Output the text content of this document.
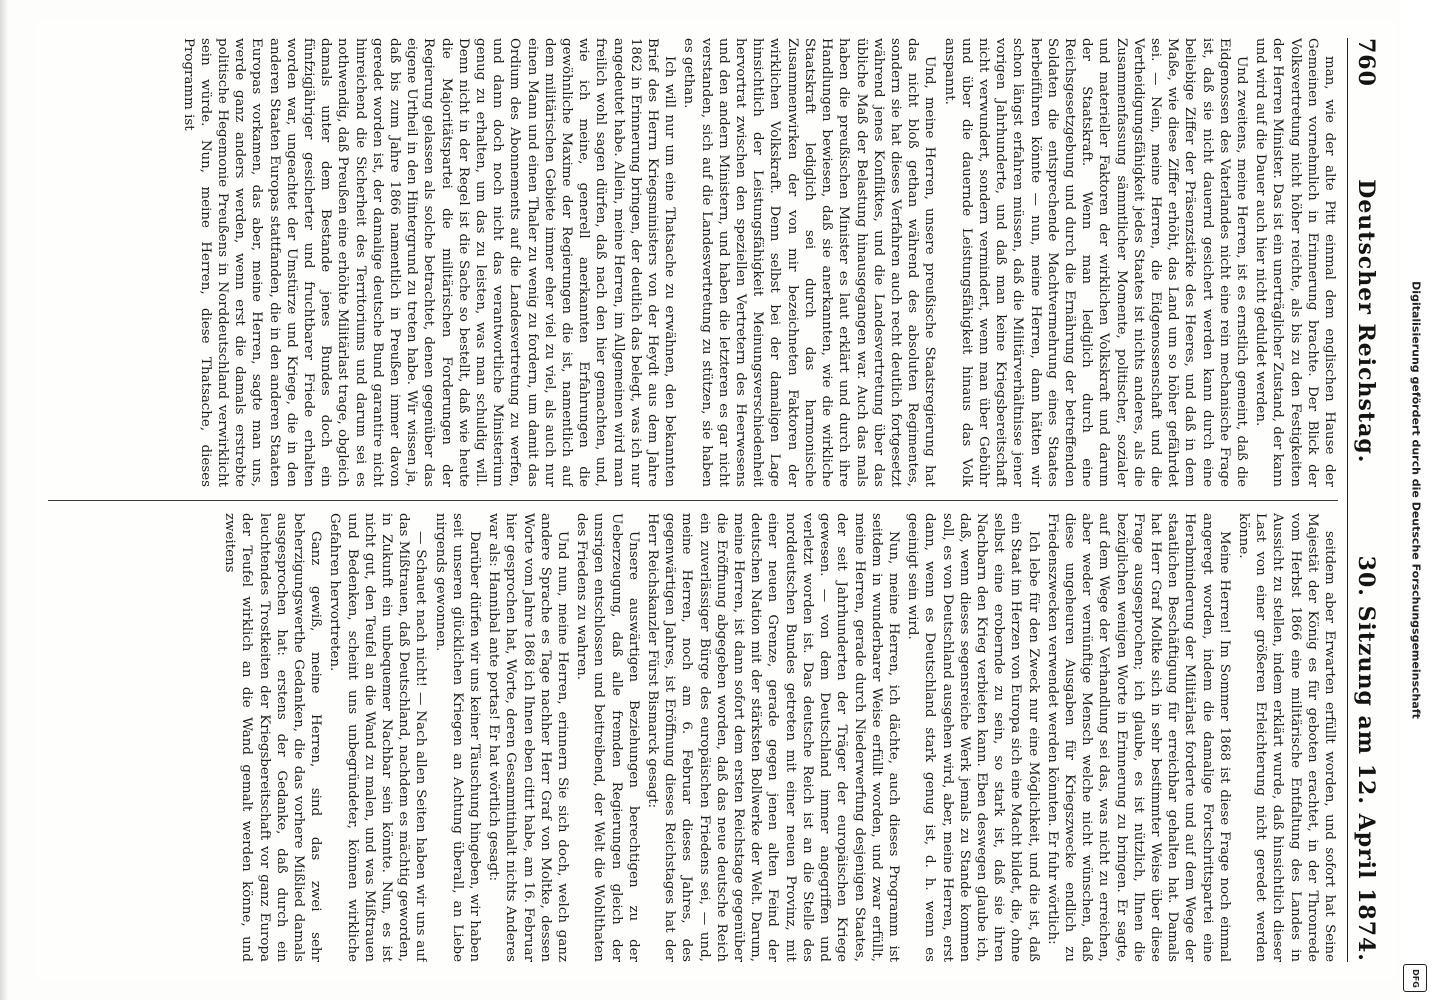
760
Deutscher Reichstag.
30. Sitzung am 12. April 1874.

man, wie der alte Pitt einmal dem englischen Hause der Gemeinen vornehmlich in Erinnerung brachte. Der Blick der Volksvertretung nicht höher reichte, als bis zu den Festigkeiten der Herren Minister. Das ist ein unerträglicher Zustand, der kann und wird auf die Dauer auch hier nicht geduldet werden.

Und zweitens, meine Herren, ist es ernstlich gemeint, daß die Eidgenossen des Vaterlandes nicht eine rein mechanische Frage ist, daß sie nicht dauernd gesichert werden kann durch eine beliebige Ziffer der Präsenzstärke des Heeres, und daß in dem Maße, wie diese Ziffer erhöht, das Land um so höher gefährdet sei. — Nein, meine Herren, die Eidgenossenschaft und die Vertheidigungsfähigkeit jedes Staates ist nichts anderes, als die Zusammenfassung sämmtlicher Momente, politischer, sozialer und materieller Faktoren der wirklichen Volkskraft und darum der Staatskraft. Wenn man lediglich durch eine Reichsgesetzgebung und durch die Ernährung der betreffenden Soldaten die entsprechende Machtvermehrung eines Staates herbeiführen könnte — nun, meine Herren, dann hätten wir schon längst erfahren müssen, daß die Militärverhältnisse jener vorigen Jahrhunderte, und daß man keine Kriegsbereitschaft nicht verwundert, sondern vermindert, wenn man über Gebühr und über die dauernde Leistungsfähigkeit hinaus das Volk anspannt.

Und, meine Herren, unsere preußische Staatsregierung hat das nicht bloß gethan während des absoluten Regimentes, sondern sie hat dieses Verfahren auch recht deutlich fortgesetzt während jenes Konfliktes, und die Landesvertretung über das übliche Maß der Belastung hinausgegangen war. Auch das mals haben die preußischen Minister es laut erklärt und durch ihre Handlungen bewiesen, daß sie anerkannten, wie die wirkliche Staatskraft lediglich sei durch das harmonische Zusammenwirken der von mir bezeichneten Faktoren der wirklichen Volkskraft. Denn selbst bei der damaligen Lage hinsichtlich der Leistungsfähigkeit Meinungsverschiedenheit hervortrat zwischen den speziellen Vertretern des Heerwesens und den andern Ministern, und haben die letzteren es gar nicht verstanden, sich auf die Landesvertretung zu stützen, sie haben es gethan.

Ich will nur um eine Thatsache zu erwähnen, den bekannten Brief des Herrn Kriegsministers von der Heydt aus dem Jahre 1862 in Erinnerung bringen, der deutlich das belegt, was ich nur angedeutet habe. Allein, meine Herren, im Allgemeinen wird man freilich wohl sagen dürfen, daß nach den hier gemachten, und, wie ich meine, generell anerkannten Erfahrungen die gewöhnliche Maxime der Regierungen die ist, namentlich auf dem militärischen Gebiete immer eher viel zu viel, als auch nur einen Mann und einen Thaler zu wenig zu fordern, um damit das Ordium des Abonnements auf die Landesvertretung zu werfen, und dann doch noch nicht das verantwortliche Ministerium genug zu erhalten, um das zu leisten, was man schuldig will. Denn nicht in der Regel ist die Sache so bestellt, daß wie heute die Majoritätspartei die militärischen Forderungen der Regierung gelassen als solche betrachtet, denen gegenüber das eigene Urtheil in den Hintergrund zu treten habe. Wir wissen ja, daß bis zum Jahre 1866 namentlich in Preußen immer davon geredet worden ist, der damalige deutsche Bund garantire nicht hinreichend die Sicherheit des Territoriums und darum sei es nothwendig, daß Preußen eine erhöhte Militärlast trage, obgleich damals unter dem Bestande jenes Bundes doch ein fünfzigjähriger gesicherter und fruchtbarer Friede erhalten worden war, ungeachtet der Umstürze und Kriege, die in den anderen Staaten Europas stattfanden, die in den anderen Staaten Europas vorkamen, das aber, meine Herren, sagte man uns, werde ganz anders werden, wenn erst die damals erstrebte politische Hegemonie Preußens in Norddeutschland verwirklicht sein würde. Nun, meine Herren, diese Thatsache, dieses Programm ist

seitdem aber Erwarten erfüllt worden, und sofort hat Seine Majestät der König es für geboten erachtet, in der Thronrede vom Herbst 1866 eine militärische Entfaltung des Landes in Aussicht zu stellen, indem erklärt wurde, daß hinsichtlich dieser Last von einer größeren Erleichterung nicht geredet werden könne.

Meine Herren! Im Sommer 1868 ist diese Frage noch einmal angeregt worden, indem die damalige Fortschrittspartei eine Herabminderung der Militärlast forderte und auf dem Wege der staatlichen Beschäftigung für erreichbar gehalten hat. Damals hat Herr Graf Moltke sich in sehr bestimmter Weise über diese Frage ausgesprochen; ich glaube, es ist nützlich, Ihnen die bezüglichen wenigen Worte in Erinnerung zu bringen. Er sagte, auf dem Wege der Verhandlung sei das, was nicht zu erreichen, aber weder vernünftige Mensch welche nicht wünschen, daß diese ungeheuren Ausgaben für Kriegszwecke endlich zu Friedenszwecken verwendet werden könnten. Er fuhr wörtlich:

Ich lebe für den Zweck nur eine Möglichkeit, und die ist, daß ein Staat im Herzen von Europa sich eine Macht bildet, die, ohne selbst eine erobernde zu sein, so stark ist, daß sie ihren Nachbarn den Krieg verbieten kann. Eben deswegen glaube ich, daß, wenn dieses segensreiche Werk jemals zu Stande kommen soll, es von Deutschland ausgehen wird, aber, meine Herren, erst dann, wenn es Deutschland stark genug ist, d. h. wenn es geeinigt sein wird.

Nun, meine Herren, ich dächte, auch dieses Programm ist seitdem in wunderbarer Weise erfüllt worden, und zwar erfüllt, meine Herren, gerade durch Niederwerfung desjenigen Staates, der seit Jahrhunderten der Träger der europäischen Kriege gewesen. — von dem Deutschland immer angegriffen und verletzt worden ist. Das deutsche Reich ist an die Stelle des norddeutschen Bundes getreten mit einer neuen Provinz, mit einer neuen Grenze, gerade gegen jenen alten Feind der deutschen Nation mit der stärksten Bollwerke der Welt. Darum, meine Herren, ist dann sofort dem ersten Reichstage gegenüber die Eröffnung abgegeben worden, daß das neue deutsche Reich ein zuverlässiger Bürge des europäischen Friedens sei, — und, meine Herren, noch am 6. Februar dieses Jahres, des gegenwärtigen Jahres, ist Eröffnung dieses Reichstages hat der Herr Reichskanzler Fürst Bismarck gesagt:

Unsere auswärtigen Beziehungen berechtigen zu der Ueberzeugung, daß alle fremden Regierungen gleich der unsrigen entschlossen und beitreibend, der Welt die Wohlthaten des Friedens zu wahren.

Und nun, meine Herren, erinnern Sie sich doch, welch ganz andere Sprache es Tage nachher Herr Graf von Moltke, dessen Worte vom Jahre 1868 ich Ihnen eben citirt habe, am 16. Februar hier gesprochen hat, Worte, deren Gesammtinhalt nichts Anderes war als: Hannibal ante portas! Er hat wörtlich gesagt:

Darüber dürfen wir uns keiner Täuschung hingeben, wir haben seit unseren glücklichen Kriegen an Achtung überall, an Liebe nirgends gewonnen.

— Schauet nach nicht! — Nach allen Seiten haben wir uns auf das Mißtrauen, daß Deutschland, nachdem es mächtig geworden, in Zukunft ein unbequemer Nachbar sein könnte. Nun, es ist nicht gut, den Teufel an die Wand zu malen, und was Mißtrauen und Bedenken, scheint uns unbegründeter, können wirkliche Gefahren hervortreten.

Ganz gewiß, meine Herren, sind das zwei sehr beherzigungswerthe Gedanken, die das vorhere Mißlied damals ausgesprochen hat: erstens der Gedanke, daß durch ein leuchtendes Trostkeiten der Kriegsbereitschaft vor ganz Europa der Teufel wirklich an die Wand gemalt werden könne, und zweitens	Digitalisierung gefördert durch die Deutsche Forschungsgemeinschaft
DFG
